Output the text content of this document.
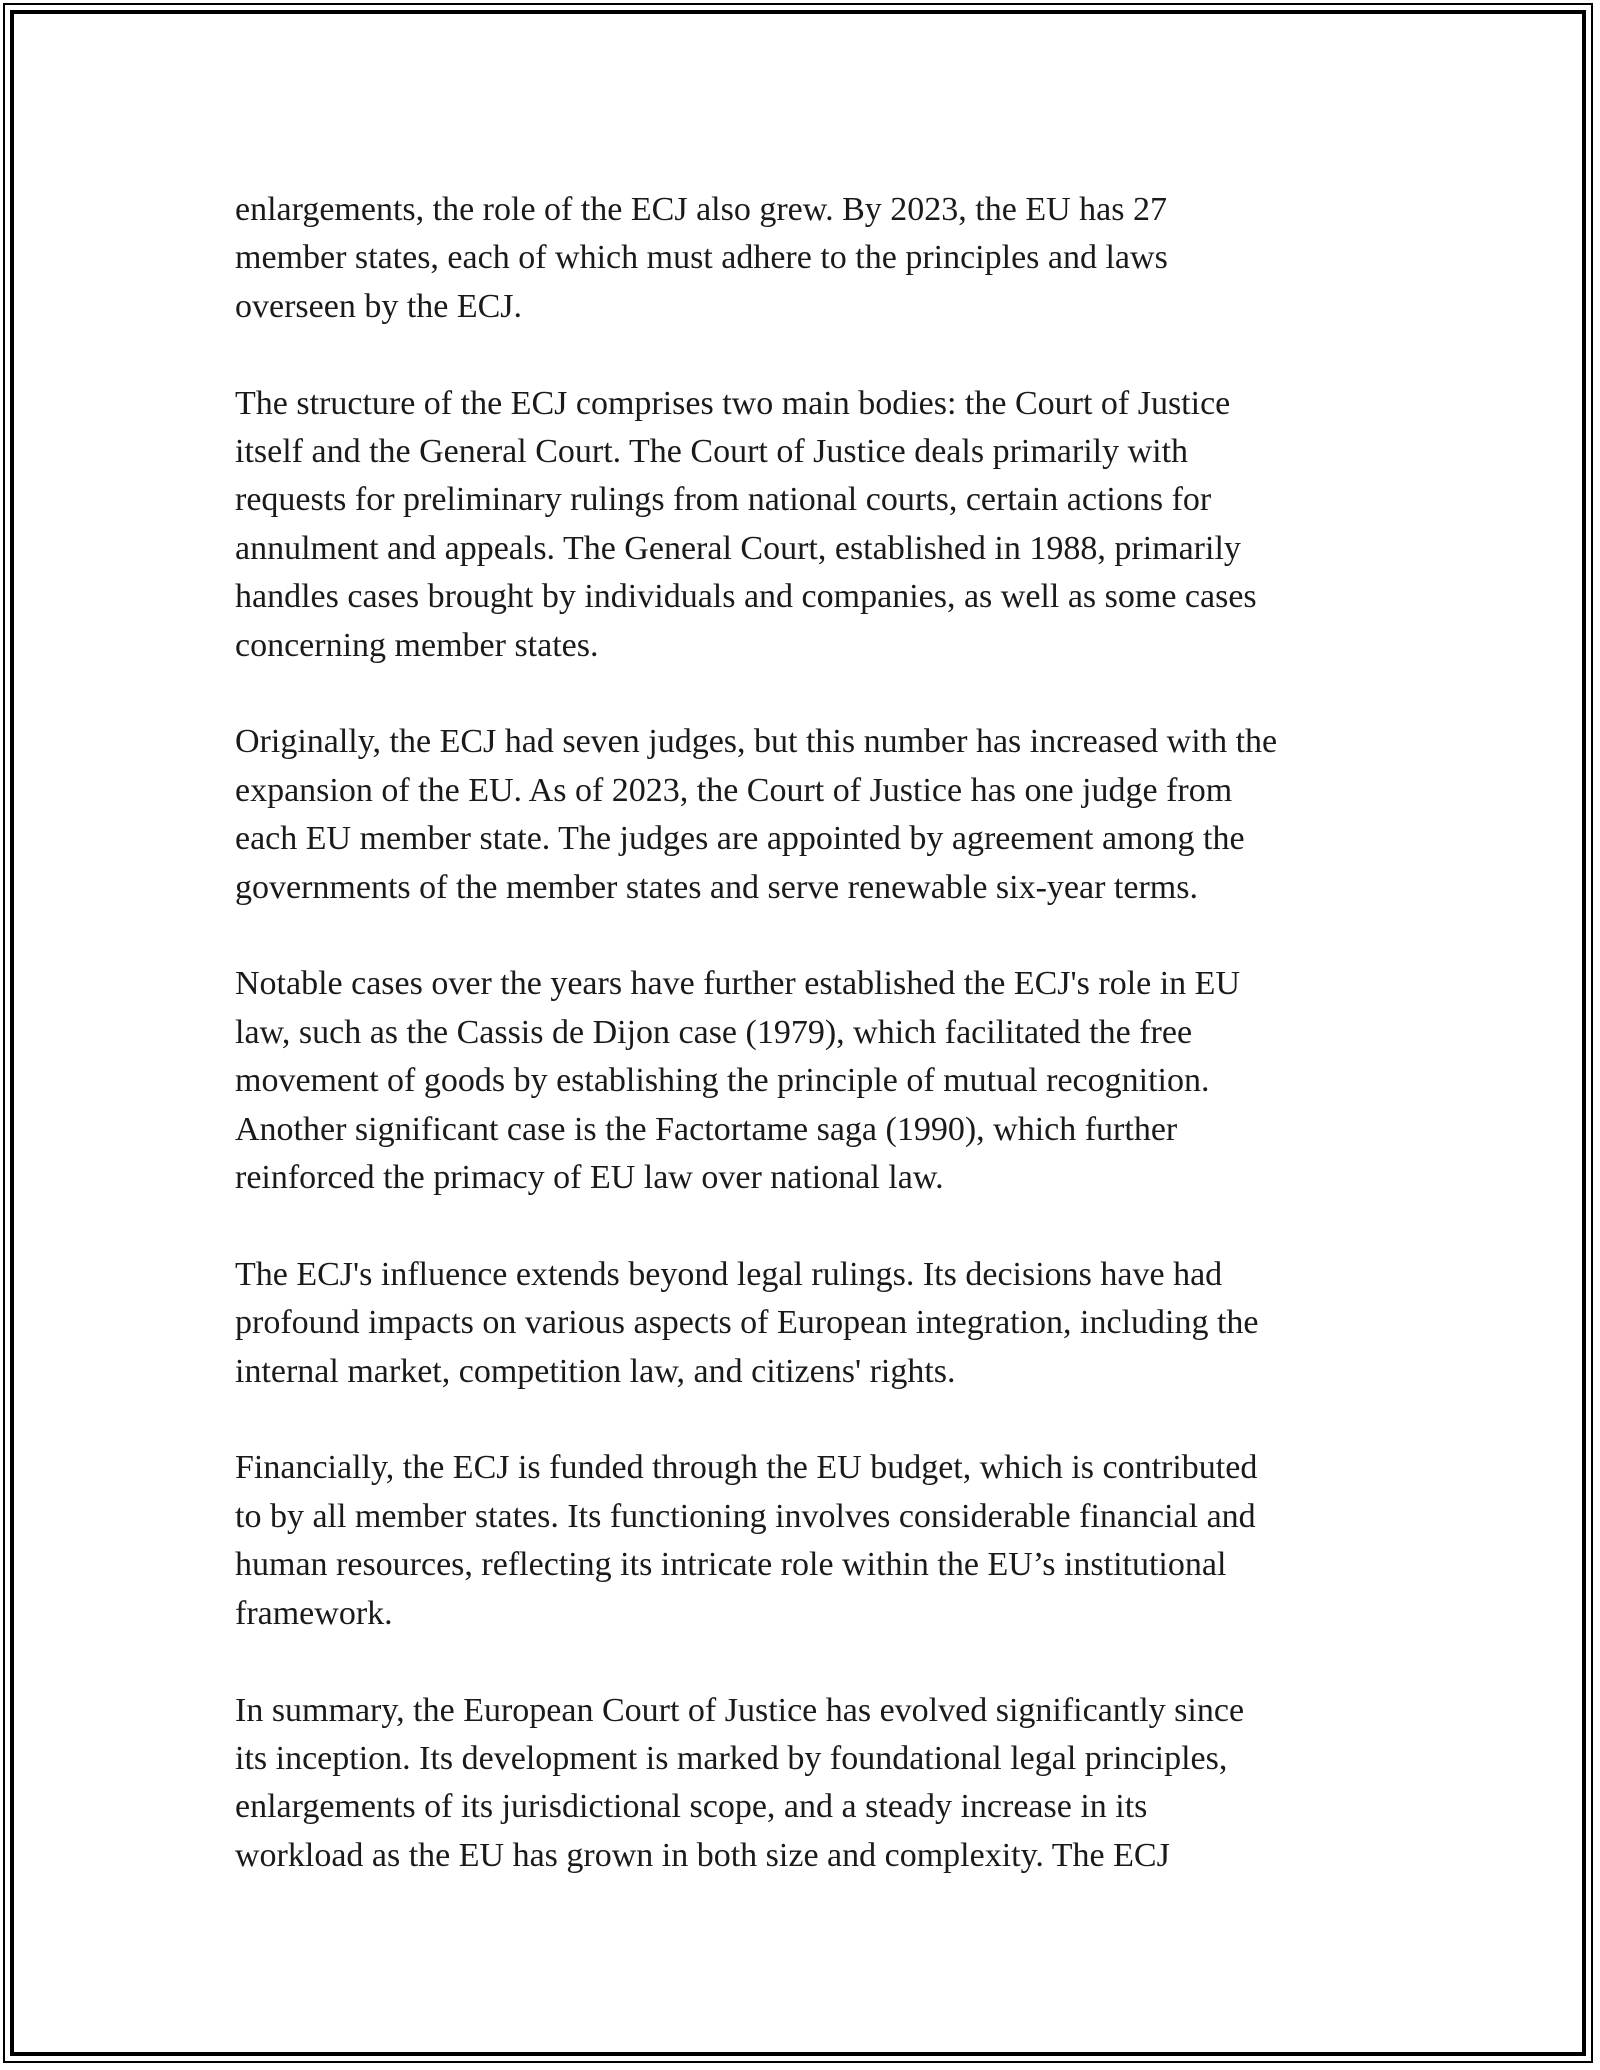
enlargements, the role of the ECJ also grew. By 2023, the EU has 27
member states, each of which must adhere to the principles and laws
overseen by the ECJ.

The structure of the ECJ comprises two main bodies: the Court of Justice
itself and the General Court. The Court of Justice deals primarily with
requests for preliminary rulings from national courts, certain actions for
annulment and appeals. The General Court, established in 1988, primarily
handles cases brought by individuals and companies, as well as some cases
concerning member states.

Originally, the ECJ had seven judges, but this number has increased with the
expansion of the EU. As of 2023, the Court of Justice has one judge from
each EU member state. The judges are appointed by agreement among the
governments of the member states and serve renewable six-year terms.

Notable cases over the years have further established the ECJ's role in EU
law, such as the Cassis de Dijon case (1979), which facilitated the free
movement of goods by establishing the principle of mutual recognition.
Another significant case is the Factortame saga (1990), which further
reinforced the primacy of EU law over national law.

The ECJ's influence extends beyond legal rulings. Its decisions have had
profound impacts on various aspects of European integration, including the
internal market, competition law, and citizens' rights.

Financially, the ECJ is funded through the EU budget, which is contributed
to by all member states. Its functioning involves considerable financial and
human resources, reflecting its intricate role within the EU’s institutional
framework.

In summary, the European Court of Justice has evolved significantly since
its inception. Its development is marked by foundational legal principles,
enlargements of its jurisdictional scope, and a steady increase in its
workload as the EU has grown in both size and complexity. The ECJ
